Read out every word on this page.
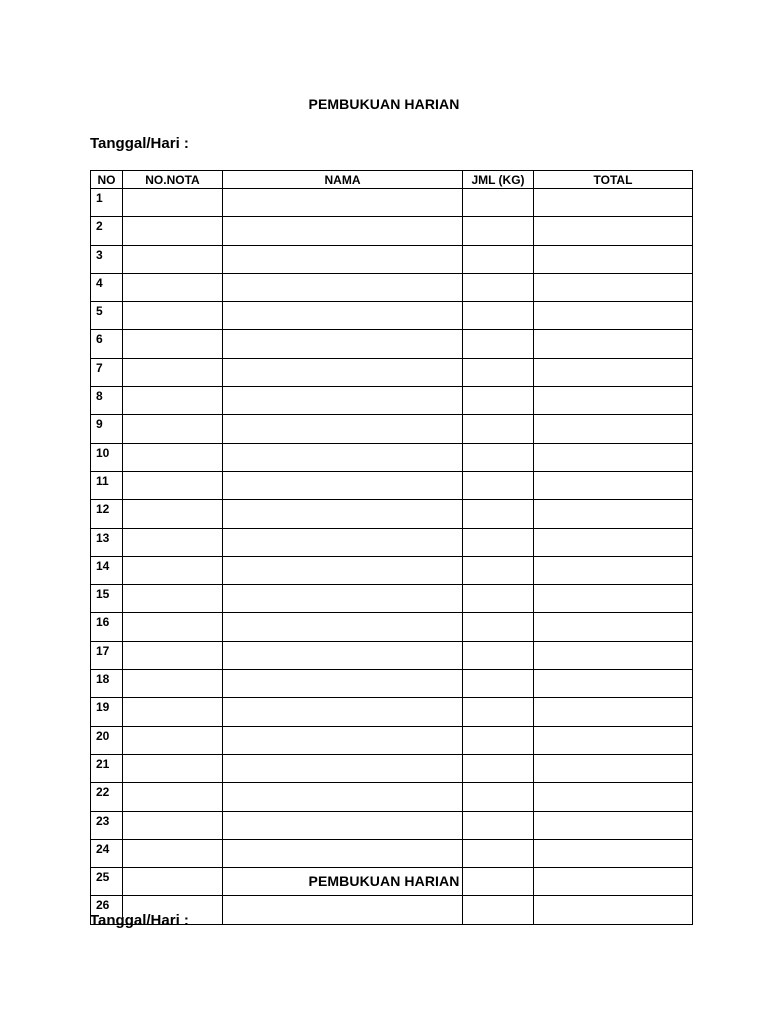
PEMBUKUAN HARIAN
Tanggal/Hari :
NO	NO.NOTA	NAMA	JML (KG)	TOTAL
1				
2				
3				
4				
5				
6				
7				
8				
9				
10				
11				
12				
13				
14				
15				
16				
17				
18				
19				
20				
21				
22				
23				
24				
25				
26				
PEMBUKUAN HARIAN
Tanggal/Hari :
